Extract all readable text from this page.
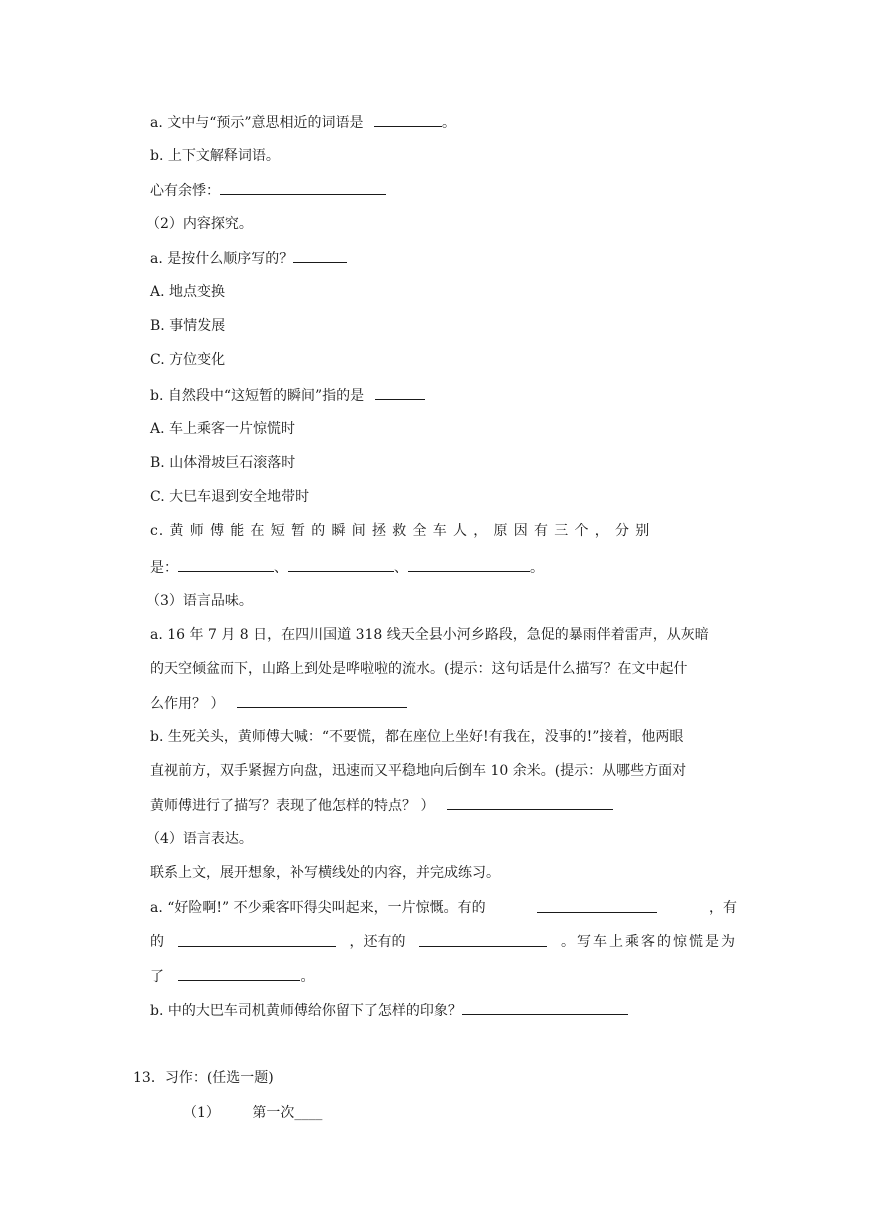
a. 文中与“预示”意思相近的词语是	。
b. 上下文解释词语。
心有余悸：
（2）内容探究。
a. 是按什么顺序写的？
A. 地点变换
B. 事情发展
C. 方位变化
b. 自然段中“这短暂的瞬间”指的是
A. 车上乘客一片惊慌时
B. 山体滑坡巨石滚落时
C. 大巳车退到安全地带时
c. 黄 师 傅 能 在 短 暂 的 瞬 间 拯 救 全 车 人 ， 原 因 有 三 个 ， 分 别
是：	、	、	。
（3）语言品味。
a. 16 年 7 月 8 日，在四川国道 318 线天全县小河乡路段，急促的暴雨伴着雷声，从灰暗
的天空倾盆而下，山路上到处是哗啦啦的流水。(提示：这句话是什么描写？在文中起什
么作用？ ）
b. 生死关头，黄师傅大喊：“不要慌，都在座位上坐好!有我在，没事的!”接着，他两眼
直视前方，双手紧握方向盘，迅速而又平稳地向后倒车 10 余米。(提示：从哪些方面对
黄师傅进行了描写？表现了他怎样的特点？ ）
（4）语言表达。
联系上文，展开想象，补写横线处的内容，并完成练习。
a. “好险啊!” 不少乘客吓得尖叫起来，一片惊慨。有的	，有
的	，还有的	。写车上乘客的惊慌是为
了	。
b. 中的大巴车司机黄师傅给你留下了怎样的印象？
13．习作：(任选一题)
（1） 第一次____
